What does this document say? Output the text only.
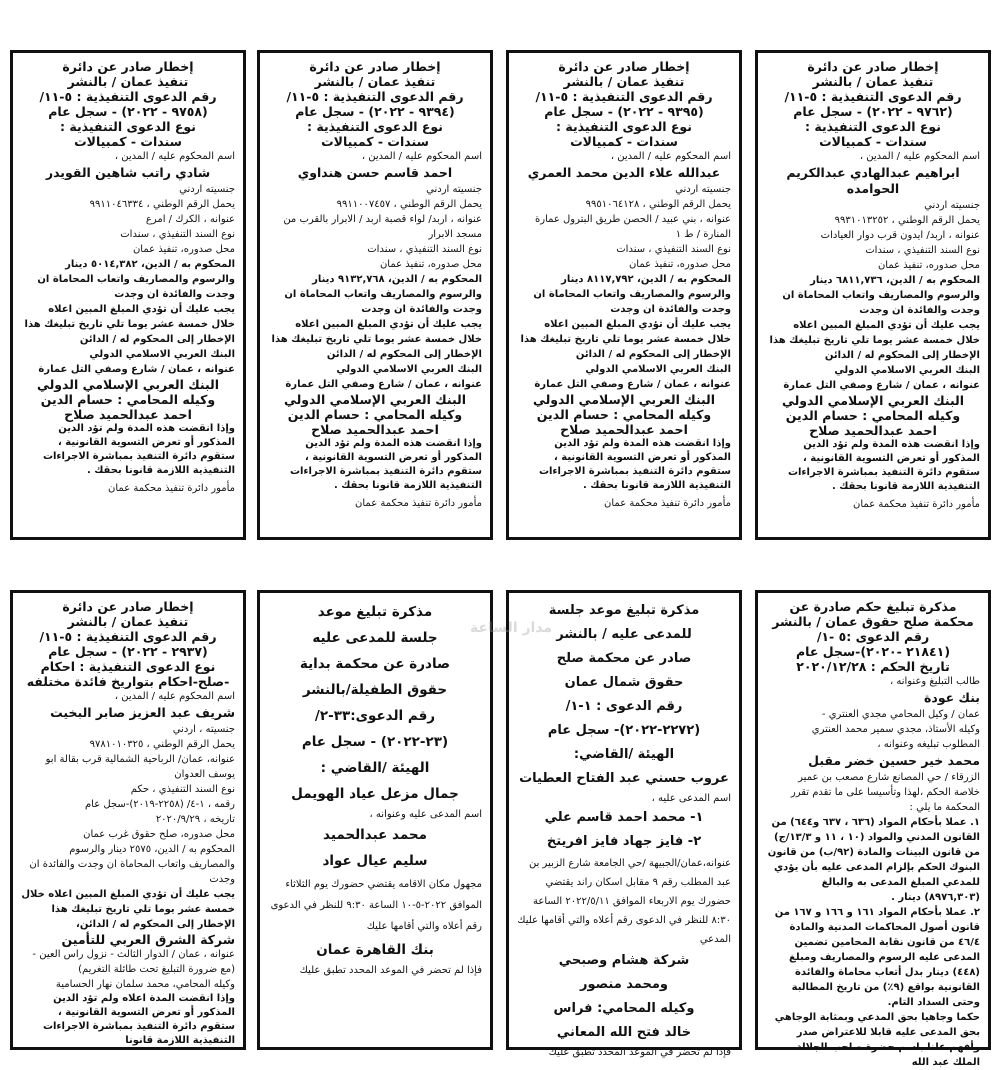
إخطار صادر عن دائرة

تنفيذ عمان / بالنشر

رقم الدعوى التنفيذية : ٥-١١/

(٩٧٦٢ - ٢٠٢٢) - سجل عام

نوع الدعوى التنفيذية :

سندات - كمبيالات

اسم المحكوم عليه / المدين ،

ابراهيم عبدالهادي عبدالكريم الحوامده

جنسيته اردني

يحمل الرقم الوطني ، ٩٩٣١٠١٣٢٥٢

عنوانه ، اربد/ ايدون قرب دوار العيادات

نوع السند التنفيذي ، سندات

محل صدوره، تنفيذ عمان

المحكوم به / الدين، ٦٨١١,٧٣٦ دينار والرسوم والمصاريف واتعاب المحاماة ان وجدت والفائدة ان وجدت

يجب عليك أن تؤدي المبلغ المبين اعلاه

خلال خمسة عشر يوما تلي تاريخ تبليغك هذا الإخطار إلى المحكوم له / الدائن

البنك العربي الاسلامي الدولي

عنوانه ، عمان / شارع وصفي التل عمارة

البنك العربي الإسلامي الدولي

وكيله المحامي : حسام الدين

احمد عبدالحميد صلاح

وإذا انقضت هذه المدة ولم تؤد الدين المذكور أو تعرض التسوية القانونية ، ستقوم دائرة التنفيذ بمباشرة الاجراءات التنفيذية اللازمة قانونا بحقك .

مأمور دائرة تنفيذ محكمة عمان

إخطار صادر عن دائرة

تنفيذ عمان / بالنشر

رقم الدعوى التنفيذية : ٥-١١/

(٩٣٩٥ - ٢٠٢٢) - سجل عام

نوع الدعوى التنفيذية :

سندات - كمبيالات

اسم المحكوم عليه / المدين ،

عبدالله علاء الدين محمد العمري

جنسيته اردني

يحمل الرقم الوطني ، ٩٩٥١٠٦٤١٢٨

عنوانه ، بني عبيد / الحصن طريق البترول عمارة المنارة / ط ١

نوع السند التنفيذي ، سندات

محل صدوره، تنفيذ عمان

المحكوم به / الدين، ٨١١٧,٧٩٢ دينار والرسوم والمصاريف واتعاب المحاماة ان وجدت والفائدة ان وجدت

يجب عليك أن تؤدي المبلغ المبين اعلاه

خلال خمسة عشر يوما تلي تاريخ تبليغك هذا الإخطار إلى المحكوم له / الدائن

البنك العربي الاسلامي الدولي

عنوانه ، عمان / شارع وصفي التل عمارة

البنك العربي الإسلامي الدولي

وكيله المحامي : حسام الدين

احمد عبدالحميد صلاح

وإذا انقضت هذه المدة ولم تؤد الدين المذكور أو تعرض التسوية القانونية ، ستقوم دائرة التنفيذ بمباشرة الاجراءات التنفيذية اللازمة قانونا بحقك .

مأمور دائرة تنفيذ محكمة عمان

إخطار صادر عن دائرة

تنفيذ عمان / بالنشر

رقم الدعوى التنفيذية : ٥-١١/

(٩٣٩٤ - ٢٠٢٢) - سجل عام

نوع الدعوى التنفيذية :

سندات - كمبيالات

اسم المحكوم عليه / المدين ،

احمد قاسم حسن هنداوي

جنسيته اردني

يحمل الرقم الوطني ، ٩٩١١٠٠٧٤٥٧

عنوانه ، اربد/ لواء قصبة اربد / الابرار بالقرب من مسجد الابرار

نوع السند التنفيذي ، سندات

محل صدوره، تنفيذ عمان

المحكوم به / الدين، ٩١٣٢,٧٦٨ دينار والرسوم والمصاريف واتعاب المحاماة ان وجدت والفائدة ان وجدت

يجب عليك أن تؤدي المبلغ المبين اعلاه

خلال خمسة عشر يوما تلي تاريخ تبليغك هذا الإخطار إلى المحكوم له / الدائن

البنك العربي الاسلامي الدولي

عنوانه ، عمان / شارع وصفي التل عمارة

البنك العربي الإسلامي الدولي

وكيله المحامي : حسام الدين

احمد عبدالحميد صلاح

وإذا انقضت هذه المدة ولم تؤد الدين المذكور أو تعرض التسوية القانونية ، ستقوم دائرة التنفيذ بمباشرة الاجراءات التنفيذية اللازمة قانونا بحقك .

مأمور دائرة تنفيذ محكمة عمان

إخطار صادر عن دائرة

تنفيذ عمان / بالنشر

رقم الدعوى التنفيذية : ٥-١١/

(٩٧٥٨ - ٢٠٢٢) - سجل عام

نوع الدعوى التنفيذية :

سندات - كمبيالات

اسم المحكوم عليه / المدين ،

شادي راتب شاهين القويدر

جنسيته اردني

يحمل الرقم الوطني ، ٩٩١١٠٤٦٣٣٤

عنوانه ، الكرك / امرع

نوع السند التنفيذي ، سندات

محل صدوره، تنفيذ عمان

المحكوم به / الدين، ٥٠١٤,٣٨٢ دينار والرسوم والمصاريف واتعاب المحاماة ان وجدت والفائدة ان وجدت

يجب عليك أن تؤدي المبلغ المبين اعلاه

خلال خمسة عشر يوما تلي تاريخ تبليغك هذا الإخطار إلى المحكوم له / الدائن

البنك العربي الاسلامي الدولي

عنوانه ، عمان / شارع وصفي التل عمارة

البنك العربي الإسلامي الدولي

وكيله المحامي : حسام الدين

احمد عبدالحميد صلاح

وإذا انقضت هذه المدة ولم تؤد الدين المذكور أو تعرض التسوية القانونية ، ستقوم دائرة التنفيذ بمباشرة الاجراءات التنفيذية اللازمة قانونا بحقك .

مأمور دائرة تنفيذ محكمة عمان

مذكرة تبليغ حكم صادرة عن

محكمة صلح حقوق عمان / بالنشر

رقم الدعوى :٥ -١/

(٢١٨٤١ -٢٠٢٠)-سجل عام

تاريخ الحكم : ٢٠٢٠/١٢/٢٨

طالب التبليغ وعنوانه ،

بنك عودة

عمان / وكيل المحامي مجدي العنتري -

وكيله الأستاذ، مجدي سمير محمد العنتري

المطلوب تبليغه وعنوانه ،

محمد خير حسين خضر مقبل

الزرقاء / حي المصانع شارع مصعب بن عمير

خلاصة الحكم ،لهذا وتأسيسا على ما تقدم تقرر المحكمة ما يلي :

١. عملا بأحكام المواد (٦٣٦ ، ٦٣٧ و٦٤٤) من القانون المدني والمواد (١٠ ، ١١ و ١٣/٣/ج) من قانون البينات والمادة (٩٢/ب) من قانون البنوك الحكم بإلزام المدعى عليه بأن يؤدي للمدعي المبلغ المدعى به والبالغ (٨٩٧٦,٣٠٣) دينار .

٢. عملا بأحكام المواد ١٦١ و ١٦٦ و ١٦٧ من قانون أصول المحاكمات المدنية والمادة ٤٦/٤ من قانون نقابة المحامين تضمين المدعى عليه الرسوم والمصاريف ومبلغ (٤٤٨) دينار بدل أتعاب محاماة والفائدة القانونية بواقع (٩٪) من تاريخ المطالبة وحتى السداد التام.

حكما وجاهيا بحق المدعي وبمثابة الوجاهي بحق المدعى عليه قابلا للاعتراض صدر وأفهم علنا باسم حضرة صاحب الجلالة الملك عبد الله

مذكرة تبليغ موعد جلسة

للمدعى عليه / بالنشر

صادر عن محكمة صلح

حقوق شمال عمان

رقم الدعوى : ١-١/

(٢٢٧٢-٢٠٢٢)- سجل عام

الهيئة /القاضي:

عروب حسني عبد الفتاح العطيات

اسم المدعى عليه ،

١- محمد احمد قاسم علي

٢- فايز جهاد فايز افريتخ

عنوانه،عمان/الجبيهة /حي الجامعة شارع الزبير بن عبد المطلب رقم ٩ مقابل اسكان راند يقتضي حضورك يوم الاربعاء الموافق ٢٠٢٢/٥/١١ الساعة ٨:٣٠ للنظر في الدعوى رقم أعلاه والتي أقامها عليك المدعي

شركة هشام وصبحي

ومحمد منصور

وكيله المحامي: فراس

خالد فتح الله المعاني

فإذا لم تحضر في الموعد المحدد تطبق عليك

مذكرة تبليغ موعد

جلسة للمدعى عليه

صادرة عن محكمة بداية

حقوق الطفيلة/بالنشر

رقم الدعوى:٣٣-٢/

(٢٣-٢٠٢٢) - سجل عام

الهيئة /القاضي :

جمال مزعل عياد الهويمل

اسم المدعى عليه وعنوانه ،

محمد عبدالحميد

سليم عيال عواد

مجهول مكان الاقامه يقتضي حضورك يوم الثلاثاء الموافق ٢٠٢٢-٥-١٠ الساعة ٩:٣٠ للنظر في الدعوى رقم أعلاه والتي أقامها عليك

بنك القاهرة عمان

فإذا لم تحضر في الموعد المحدد تطبق عليك

إخطار صادر عن دائرة

تنفيذ عمان / بالنشر

رقم الدعوى التنفيذية : ٥-١١/

(٢٩٣٧ - ٢٠٢٢) - سجل عام

نوع الدعوى التنفيذية : احكام

-صلح-احكام بتواريخ فائدة مختلفه

اسم المحكوم عليه / المدين ،

شريف عبد العزيز صابر البخيت

جنسيته ، اردني

يحمل الرقم الوطني ، ٩٧٨١٠١٠٣٢٥

عنوانه، عمان/ الرباحية الشمالية قرب بقالة ابو يوسف العدوان

نوع السند التنفيذي ، حكم

رقمه ، ١-٤/ (٢٢٥٨-٢٠١٩)-سجل عام

تاريخه ، ٢٠٢٠/٩/٢٩

محل صدوره، صلح حقوق غرب عمان

المحكوم به / الدين، ٢٥٧٥ دينار والرسوم والمصاريف واتعاب المحاماة ان وجدت والفائدة ان وجدت

يجب عليك أن تؤدي المبلغ المبين اعلاه خلال خمسة عشر يوما تلي تاريخ تبليغك هذا الإخطار إلى المحكوم له / الدائن،

شركة الشرق العربي للتأمين

عنوانه ، عمان / الدوار الثالث - نزول راس العين - (مع ضرورة التبليغ تحت طائلة التغريم)

وكيله المحامي، محمد سلمان نهار الحسامية

وإذا انقضت المدة اعلاه ولم تؤد الدين المذكور أو تعرض التسوية القانونية ، ستقوم دائرة التنفيذ بمباشرة الاجراءات التنفيذية اللازمة قانونا

مدار الساعة
